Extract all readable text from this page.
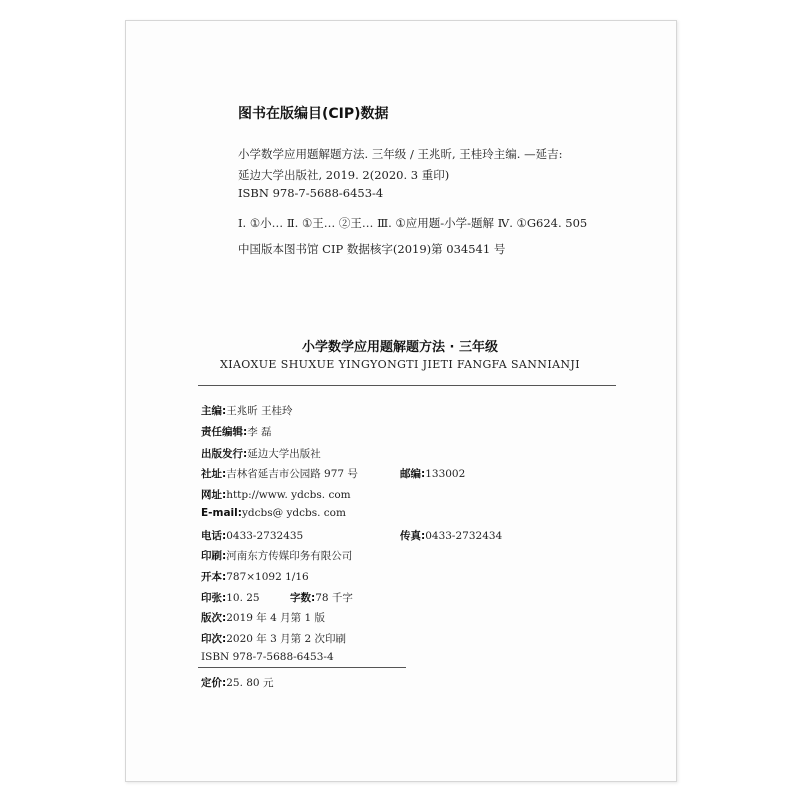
图书在版编目(CIP)数据
小学数学应用题解题方法. 三年级 / 王兆昕, 王桂玲主编. —延吉:
延边大学出版社, 2019. 2(2020. 3 重印)
ISBN 978-7-5688-6453-4
Ⅰ. ①小… Ⅱ. ①王… ②王… Ⅲ. ①应用题-小学-题解 Ⅳ. ①G624. 505
中国版本图书馆 CIP 数据核字(2019)第 034541 号
小学数学应用题解题方法 · 三年级
XIAOXUE SHUXUE YINGYONGTI JIETI FANGFA SANNIANJI
主编:王兆昕 王桂玲
责任编辑:李 磊
出版发行:延边大学出版社
社址:吉林省延吉市公园路 977 号	邮编:133002
网址:http://www. ydcbs. com
E-mail:ydcbs@ ydcbs. com
电话:0433-2732435	传真:0433-2732434
印刷:河南东方传媒印务有限公司
开本:787×1092 1/16
印张:10. 25	字数:78 千字
版次:2019 年 4 月第 1 版
印次:2020 年 3 月第 2 次印刷
ISBN 978-7-5688-6453-4
定价:25. 80 元
